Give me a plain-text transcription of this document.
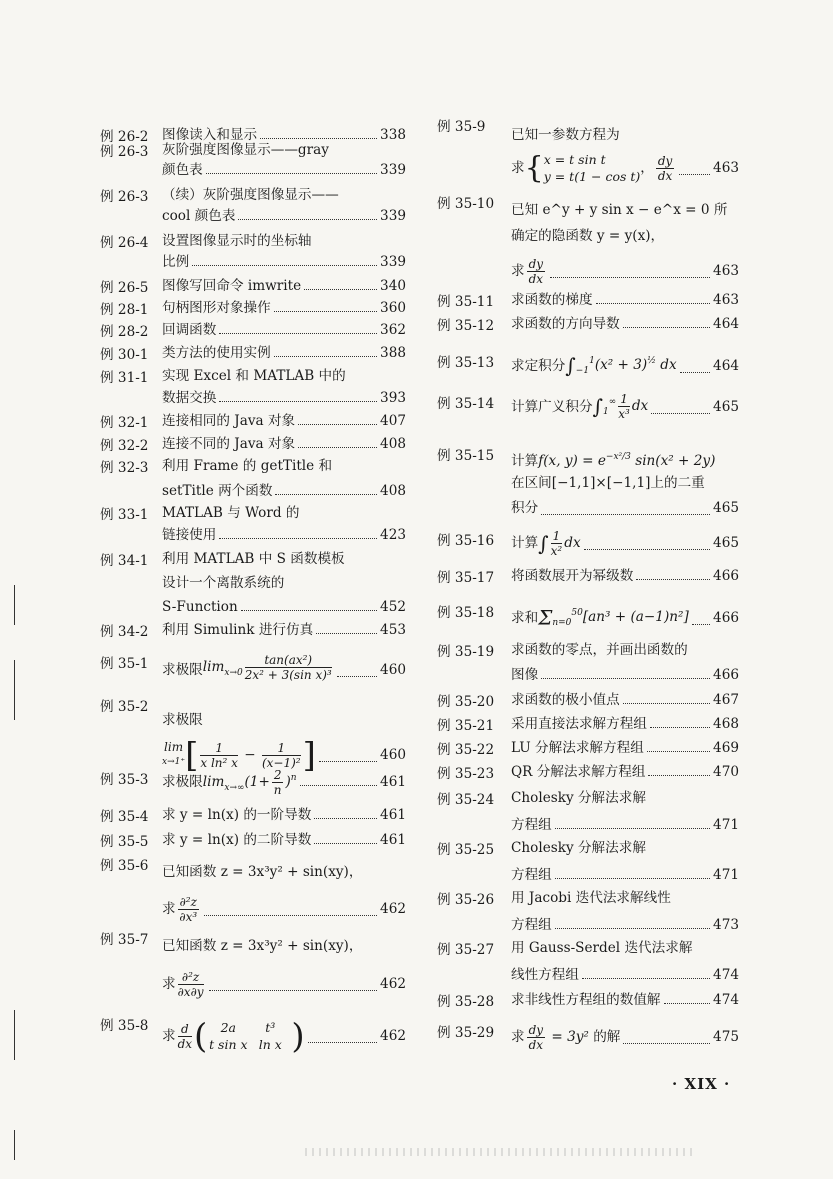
例 26-2 图像读入和显示	338
例 26-3 灰阶强度图像显示——gray
颜色表	339
例 26-3 （续）灰阶强度图像显示——
cool 颜色表	339
例 26-4 设置图像显示时的坐标轴
比例	339
例 26-5 图像写回命令 imwrite	340
例 28-1 句柄图形对象操作	360
例 28-2 回调函数	362
例 30-1 类方法的使用实例	388
例 31-1 实现 Excel 和 MATLAB 中的
数据交换	393
例 32-1 连接相同的 Java 对象	407
例 32-2 连接不同的 Java 对象	408
例 32-3 利用 Frame 的 getTitle 和
setTitle 两个函数	408
例 33-1 MATLAB 与 Word 的
链接使用	423
例 34-1 利用 MATLAB 中 S 函数模板
设计一个离散系统的
S-Function	452
例 34-2 利用 Simulink 进行仿真	453
例 35-1 求极限 $\lim_{x\to 0} \frac{\text{tan(ax²)}}{\text{2x² + 3(sin x)³}}$	460
例 35-2
求极限
lim
$x\to 1^+[ \frac{1}{\text{x ln² x}} - \frac{1}{\text{(x−1)²}}$ ]	460
例 35-3 求极限 $\lim_{x\to\infty}(1+ \frac{2}{n} )^n$	461
例 35-4 求 y = ln(x) 的一阶导数	461
例 35-5 求 y = ln(x) 的二阶导数	461
例 35-6 已知函数 z = 3x³y² + sin(xy)，
求 $\frac{\text{∂²z}}{\text{∂x³}}$	462
例 35-7 已知函数 z = 3x³y² + sin(xy)，
求 $\frac{\text{∂²z}}{\partial x\partial y}$	462
例 35-8
求 $\frac{d}{dx}$ ( 2a t³
t sin x ln x )	462
例 35-9 已知一参数方程为
求 {x = t sin t
y = t(1 − cos t)， $\frac{dy}{dx}$	463
例 35-10 已知 e^y + y sin x − e^x = 0 所
确定的隐函数 y = y(x)，
求 $\frac{dy}{dx}$	463
例 35-11 求函数的梯度	463
例 35-12 求函数的方向导数	464
例 35-13 求定积分 $\int_{-1}^1(x^2 + 3)^{\frac{1}{2}}$ dx	464
例 35-14 计算广义积分 $\int_1^\infty \frac{1}{\text{x³}}$ dx	465
例 35-15 计算f(x, $y) = e^{-x^2/3}$ sin(x² + 2y)
在区间[−1,1]×[−1,1]上的二重
积分	465
例 35-16 计算 ∫ $\frac{1}{\text{x²}}$ dx	465
例 35-17 将函数展开为幂级数	466
例 35-18 求和 $\Sigma_{n=0}^{50}[an^3 + (a-1)n^2]$ 466
例 35-19 求函数的零点，并画出函数的
图像	466
例 35-20 求函数的极小值点	467
例 35-21 采用直接法求解方程组	468
例 35-22 LU 分解法求解方程组	469
例 35-23 QR 分解法求解方程组	470
例 35-24 Cholesky 分解法求解
方程组	471
例 35-25 Cholesky 分解法求解
方程组	471
例 35-26 用 Jacobi 迭代法求解线性
方程组	473
例 35-27 用 Gauss-Serdel 迭代法求解
线性方程组	474
例 35-28 求非线性方程组的数值解	474
例 35-29 求 $\frac{dy}{dx} = 3y^2$ 的解	475
· XIX ·
